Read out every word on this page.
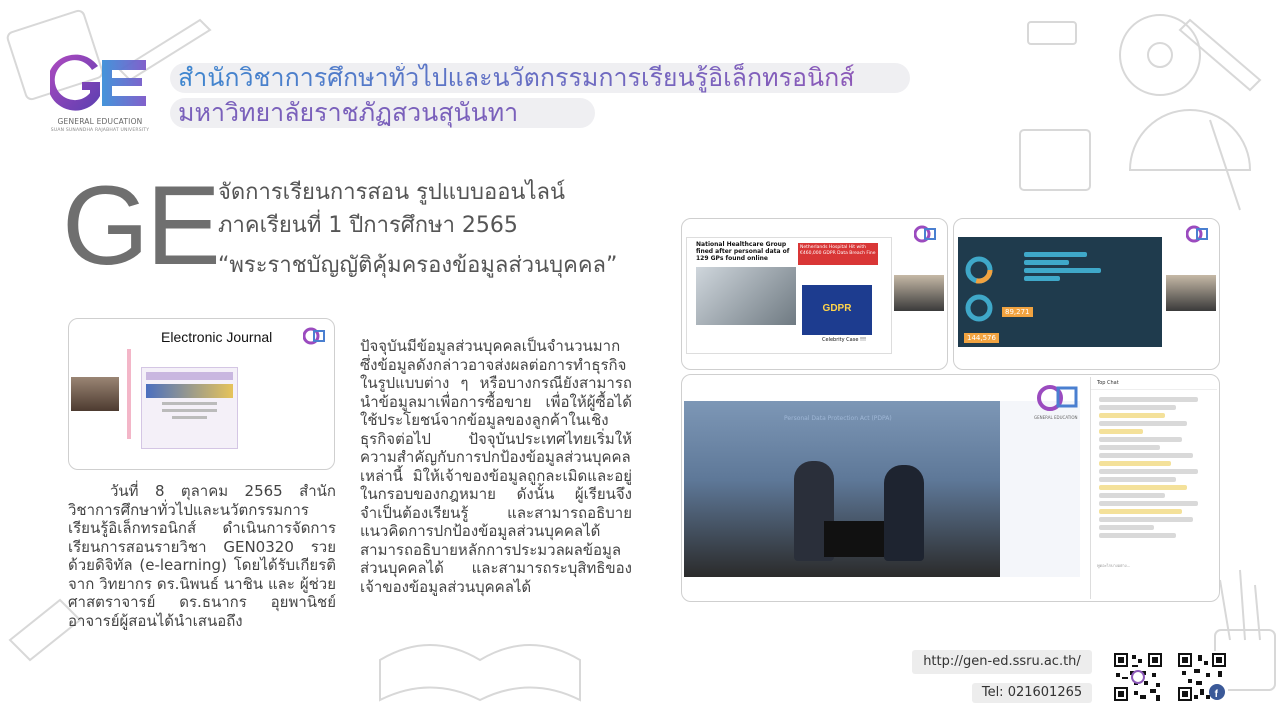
GENERAL EDUCATION
SUAN SUNANDHA RAJABHAT UNIVERSITY
สำนักวิชาการศึกษาทั่วไปและนวัตกรรมการเรียนรู้อิเล็กทรอนิกส์
มหาวิทยาลัยราชภัฏสวนสุนันทา
GE จัดการเรียนการสอน รูปแบบออนไลน์
ภาคเรียนที่ 1 ปีการศึกษา 2565
“พระราชบัญญัติคุ้มครองข้อมูลส่วนบุคคล”
Electronic Journal
National Healthcare Group fined after personal data of 129 GPs found online
Netherlands Hospital Hit with €460,000 GDPR Data Breach Fine
GDPR
Celebrity Case !!!
89,271
144,576
Personal Data Protection Act (PDPA)	GENERAL EDUCATION
Top Chat
พูดอะไรบางอย่าง...
วันที่ 8 ตุลาคม 2565 สำนักวิชาการศึกษาทั่วไปและนวัตกรรมการเรียนรู้อิเล็กทรอนิกส์ ดำเนินการจัดการเรียนการสอนรายวิชา GEN0320 รวยด้วยดิจิทัล (e-learning) โดยได้รับเกียรติจาก วิทยากร ดร.นิพนธ์ นาชิน และ ผู้ช่วยศาสตราจารย์ ดร.ธนากร อุยพานิชย์อาจารย์ผู้สอนได้นำเสนอถึง
ปัจจุบันมีข้อมูลส่วนบุคคลเป็นจำนวนมาก ซึ่งข้อมูลดังกล่าวอาจส่งผลต่อการทำธุรกิจในรูปแบบต่าง ๆ หรือบางกรณียังสามารถนำข้อมูลมาเพื่อการซื้อขาย เพื่อให้ผู้ซื้อได้ใช้ประโยชน์จากข้อมูลของลูกค้าในเชิงธุรกิจต่อไป ปัจจุบันประเทศไทยเริ่มให้ความสำคัญกับการปกป้องข้อมูลส่วนบุคคลเหล่านี้ มิให้เจ้าของข้อมูลถูกละเมิดและอยู่ในกรอบของกฎหมาย ดังนั้น ผู้เรียนจึงจำเป็นต้องเรียนรู้ และสามารถอธิบายแนวคิดการปกป้องข้อมูลส่วนบุคคลได้ สามารถอธิบายหลักการประมวลผลข้อมูลส่วนบุคคลได้ และสามารถระบุสิทธิของเจ้าของข้อมูลส่วนบุคคลได้
http://gen-ed.ssru.ac.th/
Tel: 021601265	f
